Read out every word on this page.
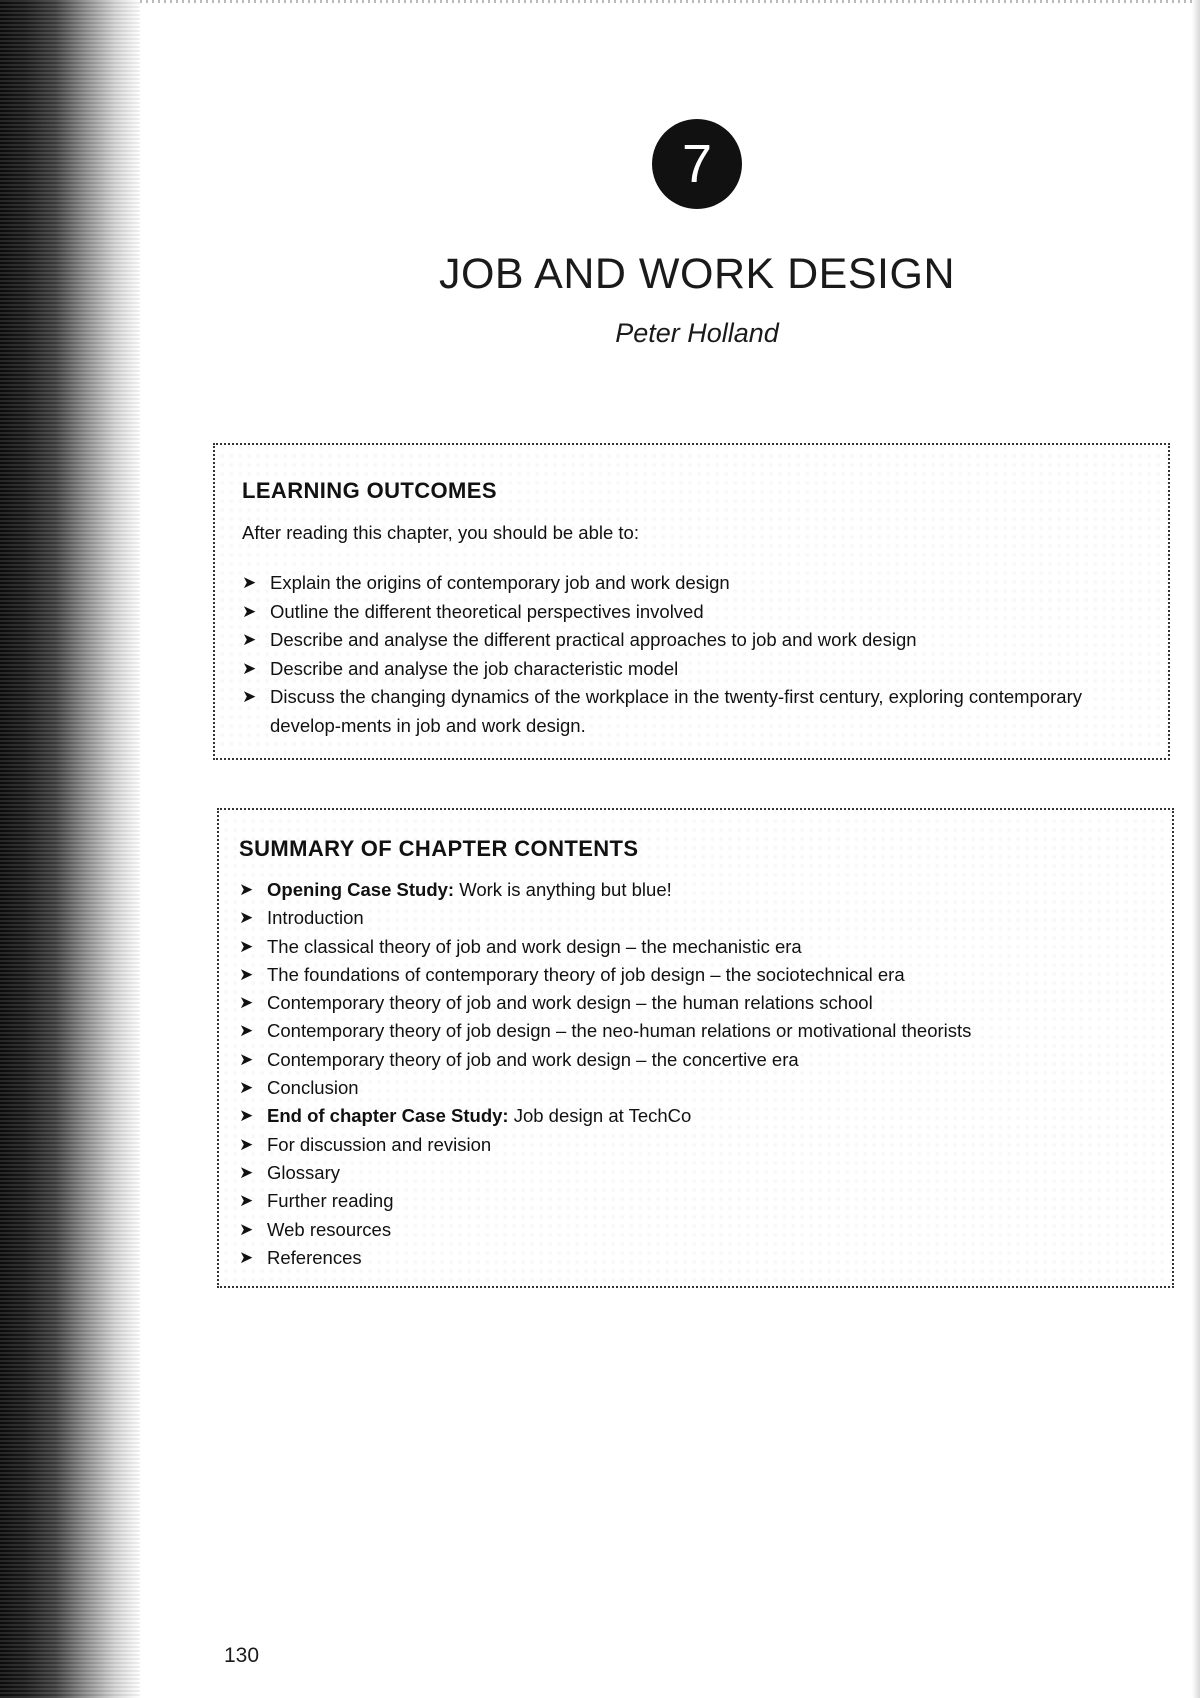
7
JOB AND WORK DESIGN
Peter Holland
LEARNING OUTCOMES
After reading this chapter, you should be able to:
➤ Explain the origins of contemporary job and work design
➤ Outline the different theoretical perspectives involved
➤ Describe and analyse the different practical approaches to job and work design
➤ Describe and analyse the job characteristic model
➤ Discuss the changing dynamics of the workplace in the twenty-first century, exploring contemporary develop-ments in job and work design.
SUMMARY OF CHAPTER CONTENTS
➤ Opening Case Study: Work is anything but blue!
➤ Introduction
➤ The classical theory of job and work design – the mechanistic era
➤ The foundations of contemporary theory of job design – the sociotechnical era
➤ Contemporary theory of job and work design – the human relations school
➤ Contemporary theory of job design – the neo-human relations or motivational theorists
➤ Contemporary theory of job and work design – the concertive era
➤ Conclusion
➤ End of chapter Case Study: Job design at TechCo
➤ For discussion and revision
➤ Glossary
➤ Further reading
➤ Web resources
➤ References
130
